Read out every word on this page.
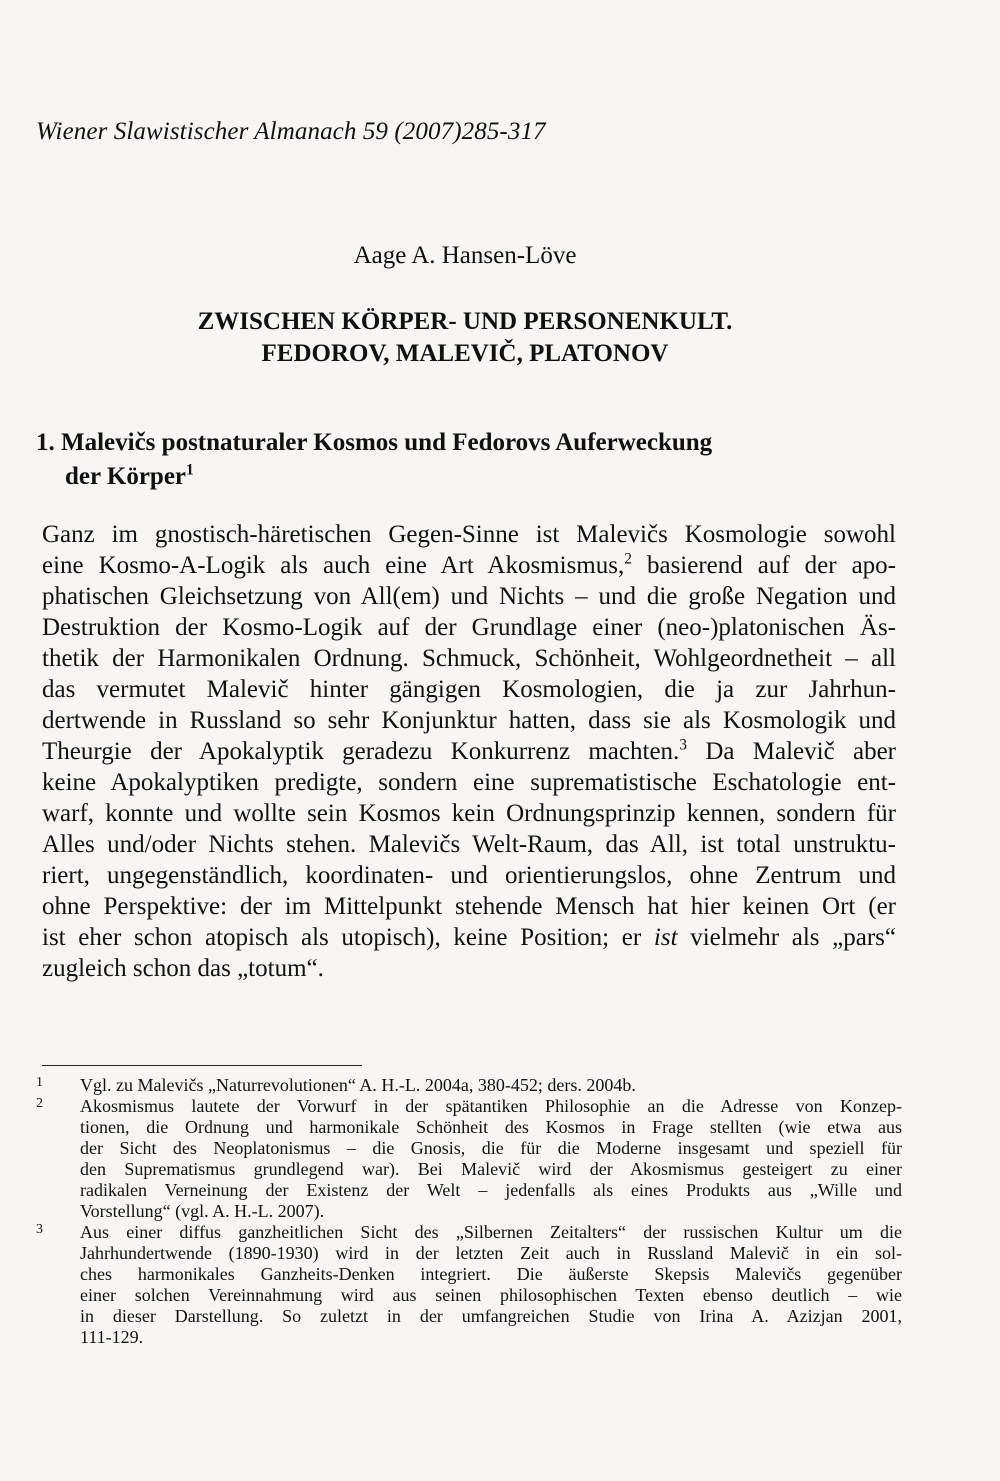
Wiener Slawistischer Almanach 59 (2007)285-317
Aage A. Hansen-Löve
ZWISCHEN KÖRPER- UND PERSONENKULT.
FEDOROV, MALEVIČ, PLATONOV
1. Malevičs postnaturaler Kosmos und Fedorovs Auferweckung
der Körper$^1$
Ganz im gnostisch-häretischen Gegen-Sinne ist Malevičs Kosmologie sowohl
eine Kosmo-A-Logik als auch eine Art Akosmismus,$^2$ basierend auf der apo-
phatischen Gleichsetzung von All(em) und Nichts – und die große Negation und
Destruktion der Kosmo-Logik auf der Grundlage einer (neo-)platonischen Äs-
thetik der Harmonikalen Ordnung. Schmuck, Schönheit, Wohlgeordnetheit – all
das vermutet Malevič hinter gängigen Kosmologien, die ja zur Jahrhun-
dertwende in Russland so sehr Konjunktur hatten, dass sie als Kosmologik und
Theurgie der Apokalyptik geradezu Konkurrenz machten.$^3$ Da Malevič aber
keine Apokalyptiken predigte, sondern eine suprematistische Eschatologie ent-
warf, konnte und wollte sein Kosmos kein Ordnungsprinzip kennen, sondern für
Alles und/oder Nichts stehen. Malevičs Welt-Raum, das All, ist total unstruktu-
riert, ungegenständlich, koordinaten- und orientierungslos, ohne Zentrum und
ohne Perspektive: der im Mittelpunkt stehende Mensch hat hier keinen Ort (er
ist eher schon atopisch als utopisch), keine Position; er ist vielmehr als „pars“
zugleich schon das „totum“.
1 Vgl. zu Malevičs „Naturrevolutionen“ A. H.-L. 2004a, 380-452; ders. 2004b.
2 Akosmismus lautete der Vorwurf in der spätantiken Philosophie an die Adresse von Konzep-
tionen, die Ordnung und harmonikale Schönheit des Kosmos in Frage stellten (wie etwa aus
der Sicht des Neoplatonismus – die Gnosis, die für die Moderne insgesamt und speziell für
den Suprematismus grundlegend war). Bei Malevič wird der Akosmismus gesteigert zu einer
radikalen Verneinung der Existenz der Welt – jedenfalls als eines Produkts aus „Wille und
Vorstellung“ (vgl. A. H.-L. 2007).
3 Aus einer diffus ganzheitlichen Sicht des „Silbernen Zeitalters“ der russischen Kultur um die
Jahrhundertwende (1890-1930) wird in der letzten Zeit auch in Russland Malevič in ein sol-
ches harmonikales Ganzheits-Denken integriert. Die äußerste Skepsis Malevičs gegenüber
einer solchen Vereinnahmung wird aus seinen philosophischen Texten ebenso deutlich – wie
in dieser Darstellung. So zuletzt in der umfangreichen Studie von Irina A. Azizjan 2001,
111-129.
